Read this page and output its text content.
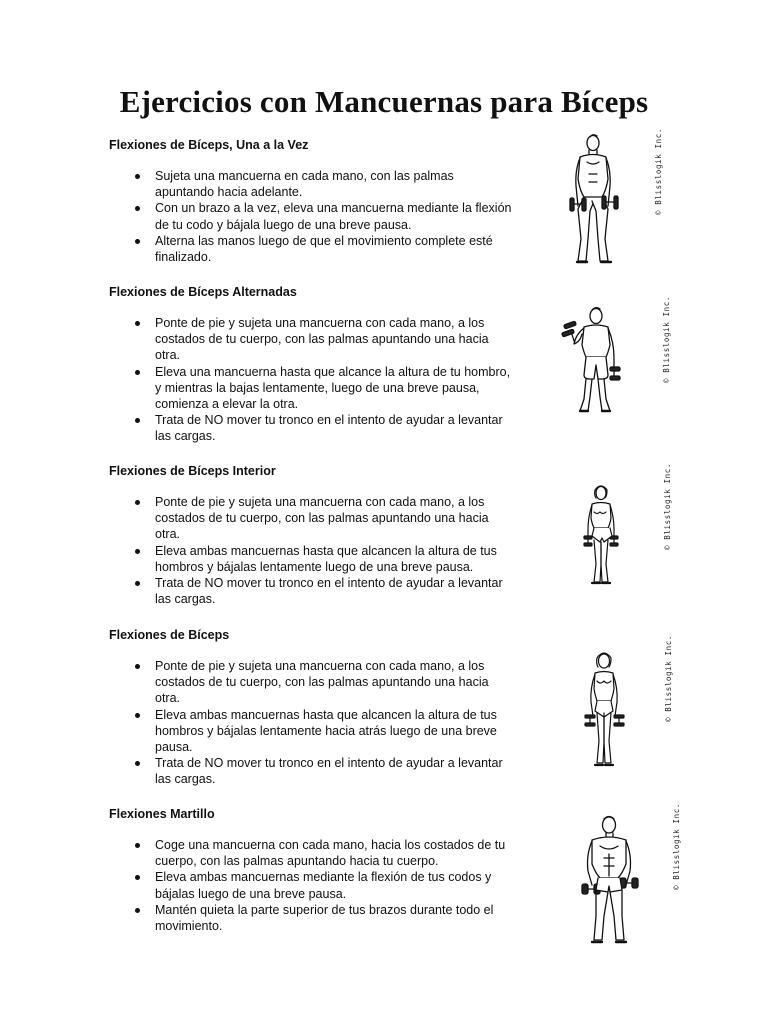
Ejercicios con Mancuernas para Bíceps
Flexiones de Bíceps, Una a la Vez
Sujeta una mancuerna en cada mano, con las palmas apuntando hacia adelante.
Con un brazo a la vez, eleva una mancuerna mediante la flexión de tu codo y bájala luego de una breve pausa.
Alterna las manos luego de que el movimiento complete esté finalizado.
Flexiones de Bíceps Alternadas
Ponte de pie y sujeta una mancuerna con cada mano, a los costados de tu cuerpo, con las palmas apuntando una hacia otra.
Eleva una mancuerna hasta que alcance la altura de tu hombro, y mientras la bajas lentamente, luego de una breve pausa, comienza a elevar la otra.
Trata de NO mover tu tronco en el intento de ayudar a levantar las cargas.
Flexiones de Bíceps Interior
Ponte de pie y sujeta una mancuerna con cada mano, a los costados de tu cuerpo, con las palmas apuntando una hacia otra.
Eleva ambas mancuernas hasta que alcancen la altura de tus hombros y bájalas lentamente luego de una breve pausa.
Trata de NO mover tu tronco en el intento de ayudar a levantar las cargas.
Flexiones de Bíceps
Ponte de pie y sujeta una mancuerna con cada mano, a los costados de tu cuerpo, con las palmas apuntando una hacia otra.
Eleva ambas mancuernas hasta que alcancen la altura de tus hombros y bájalas lentamente hacia atrás luego de una breve pausa.
Trata de NO mover tu tronco en el intento de ayudar a levantar las cargas.
Flexiones Martillo
Coge una mancuerna con cada mano, hacia los costados de tu cuerpo, con las palmas apuntando hacia tu cuerpo.
Eleva ambas mancuernas mediante la flexión de tus codos y bájalas luego de una breve pausa.
Mantén quieta la parte superior de tus brazos durante todo el movimiento.
© Blisslogik Inc.
© Blisslogik Inc.
© Blisslogik Inc.
© Blisslogik Inc.
© Blisslogik Inc.
